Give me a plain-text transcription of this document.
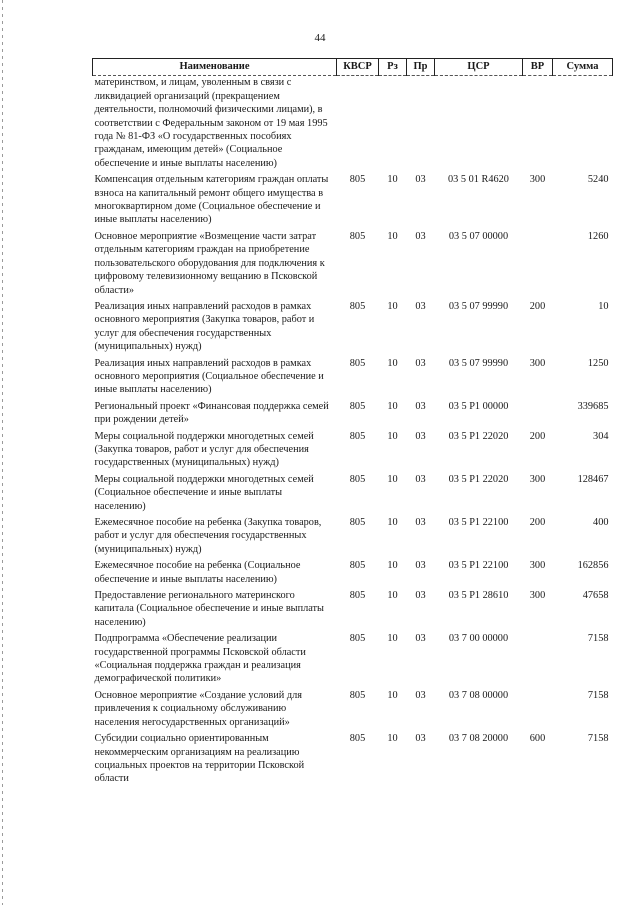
44
Наименование	КВСР	Рз	Пр	ЦСР	ВР	Сумма
материнством, и лицам, уволенным в связи с ликвидацией организаций (прекращением деятельности, полномочий физическими лицами), в соответствии с Федеральным законом от 19 мая 1995 года № 81-ФЗ «О государственных пособиях гражданам, имеющим детей» (Социальное обеспечение и иные выплаты населению)						
Компенсация отдельным категориям граждан оплаты взноса на капитальный ремонт общего имущества в многоквартирном доме (Социальное обеспечение и иные выплаты населению)	805	10	03	03 5 01 R4620	300	5240
Основное мероприятие «Возмещение части затрат отдельным категориям граждан на приобретение пользовательского оборудования для подключения к цифровому телевизионному вещанию в Псковской области»	805	10	03	03 5 07 00000		1260
Реализация иных направлений расходов в рамках основного мероприятия (Закупка товаров, работ и услуг для обеспечения государственных (муниципальных) нужд)	805	10	03	03 5 07 99990	200	10
Реализация иных направлений расходов в рамках основного мероприятия (Социальное обеспечение и иные выплаты населению)	805	10	03	03 5 07 99990	300	1250
Региональный проект «Финансовая поддержка семей при рождении детей»	805	10	03	03 5 P1 00000		339685
Меры социальной поддержки многодетных семей (Закупка товаров, работ и услуг для обеспечения государственных (муниципальных) нужд)	805	10	03	03 5 P1 22020	200	304
Меры социальной поддержки многодетных семей (Социальное обеспечение и иные выплаты населению)	805	10	03	03 5 P1 22020	300	128467
Ежемесячное пособие на ребенка (Закупка товаров, работ и услуг для обеспечения государственных (муниципальных) нужд)	805	10	03	03 5 P1 22100	200	400
Ежемесячное пособие на ребенка (Социальное обеспечение и иные выплаты населению)	805	10	03	03 5 P1 22100	300	162856
Предоставление регионального материнского капитала (Социальное обеспечение и иные выплаты населению)	805	10	03	03 5 P1 28610	300	47658
Подпрограмма «Обеспечение реализации государственной программы Псковской области «Социальная поддержка граждан и реализация демографической политики»	805	10	03	03 7 00 00000		7158
Основное мероприятие «Создание условий для привлечения к социальному обслуживанию населения негосударственных организаций»	805	10	03	03 7 08 00000		7158
Субсидии социально ориентированным некоммерческим организациям на реализацию социальных проектов на территории Псковской области	805	10	03	03 7 08 20000	600	7158
